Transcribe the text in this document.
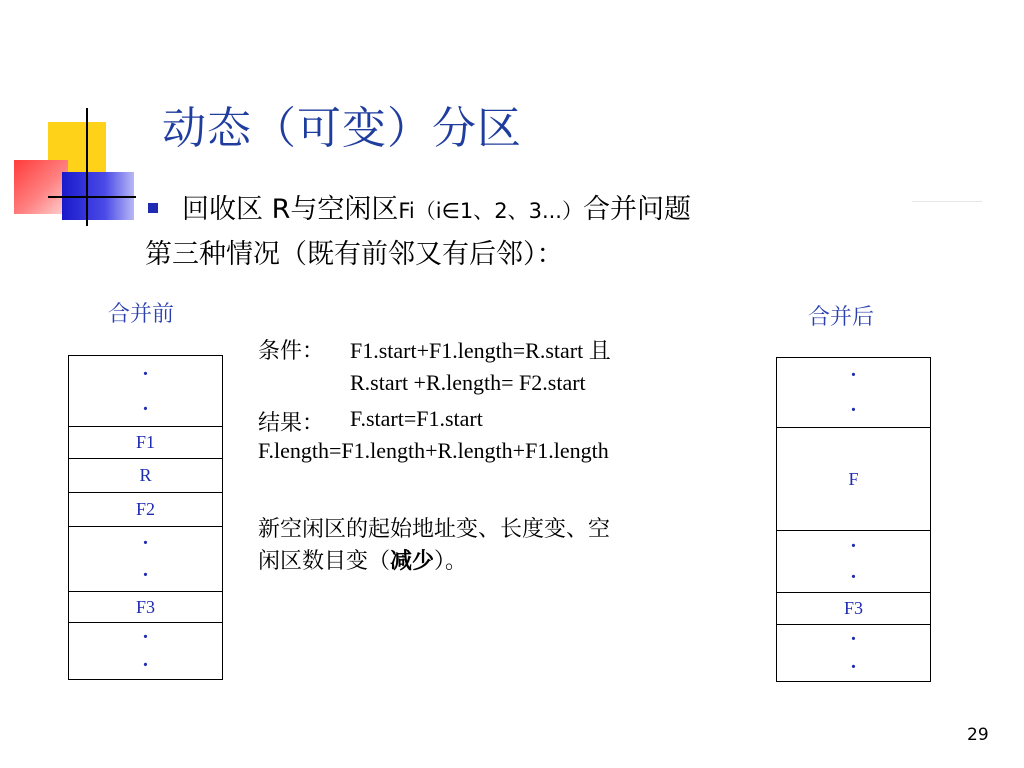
动态（可变）分区
回收区 R与空闲区Fi（i∈1、2、3...）合并问题
第三种情况（既有前邻又有后邻）：
合并前	合并后
条件： F1.start+F1.length=R.start 且
R.start +R.length= F2.start
结果： F.start=F1.start
F.length=F1.length+R.length+F1.length
新空闲区的起始地址变、长度变、空
闲区数目变（减少）。
·
·
F1
R
F2
·
·
F3
·
·
·
·
F
·
·
F3
·
·
29
